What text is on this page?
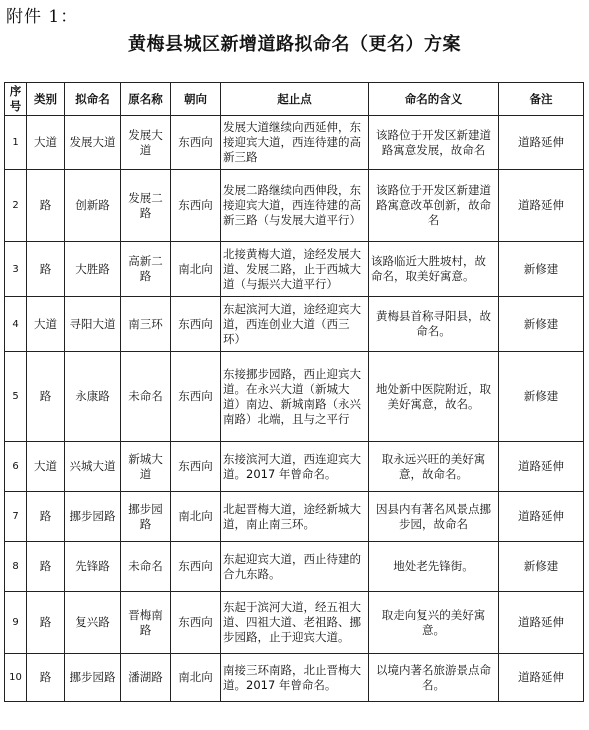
附件 1：
黄梅县城区新增道路拟命名（更名）方案
序号	类别	拟命名	原名称	朝向	起止点	命名的含义	备注
1	大道	发展大道	发展大道	东西向	发展大道继续向西延伸，东接迎宾大道，西连待建的高新三路	该路位于开发区新建道路寓意发展，故命名	道路延伸
2	路	创新路	发展二路	东西向	发展二路继续向西伸段，东接迎宾大道，西连待建的高新三路（与发展大道平行）	该路位于开发区新建道路寓意改革创新，故命名	道路延伸
3	路	大胜路	高新二路	南北向	北接黄梅大道，途经发展大道、发展二路，止于西城大道（与振兴大道平行）	该路临近大胜坡村，故命名，取美好寓意。	新修建
4	大道	寻阳大道	南三环	东西向	东起滨河大道，途经迎宾大道，西连创业大道（西三环）	黄梅县首称寻阳县，故命名。	新修建
5	路	永康路	未命名	东西向	东接挪步园路，西止迎宾大道。在永兴大道（新城大道）南边、新城南路（永兴南路）北端，且与之平行	地处新中医院附近，取美好寓意，故名。	新修建
6	大道	兴城大道	新城大道	东西向	东接滨河大道，西连迎宾大道。2017 年曾命名。	取永远兴旺的美好寓意，故命名。	道路延伸
7	路	挪步园路	挪步园路	南北向	北起晋梅大道，途经新城大道，南止南三环。	因县内有著名风景点挪步园，故命名	道路延伸
8	路	先锋路	未命名	东西向	东起迎宾大道，西止待建的合九东路。	地处老先锋街。	新修建
9	路	复兴路	晋梅南路	东西向	东起于滨河大道，经五祖大道、四祖大道、老祖路、挪步园路，止于迎宾大道。	取走向复兴的美好寓意。	道路延伸
10	路	挪步园路	潘湖路	南北向	南接三环南路，北止晋梅大道。2017 年曾命名。	以境内著名旅游景点命名。	道路延伸
